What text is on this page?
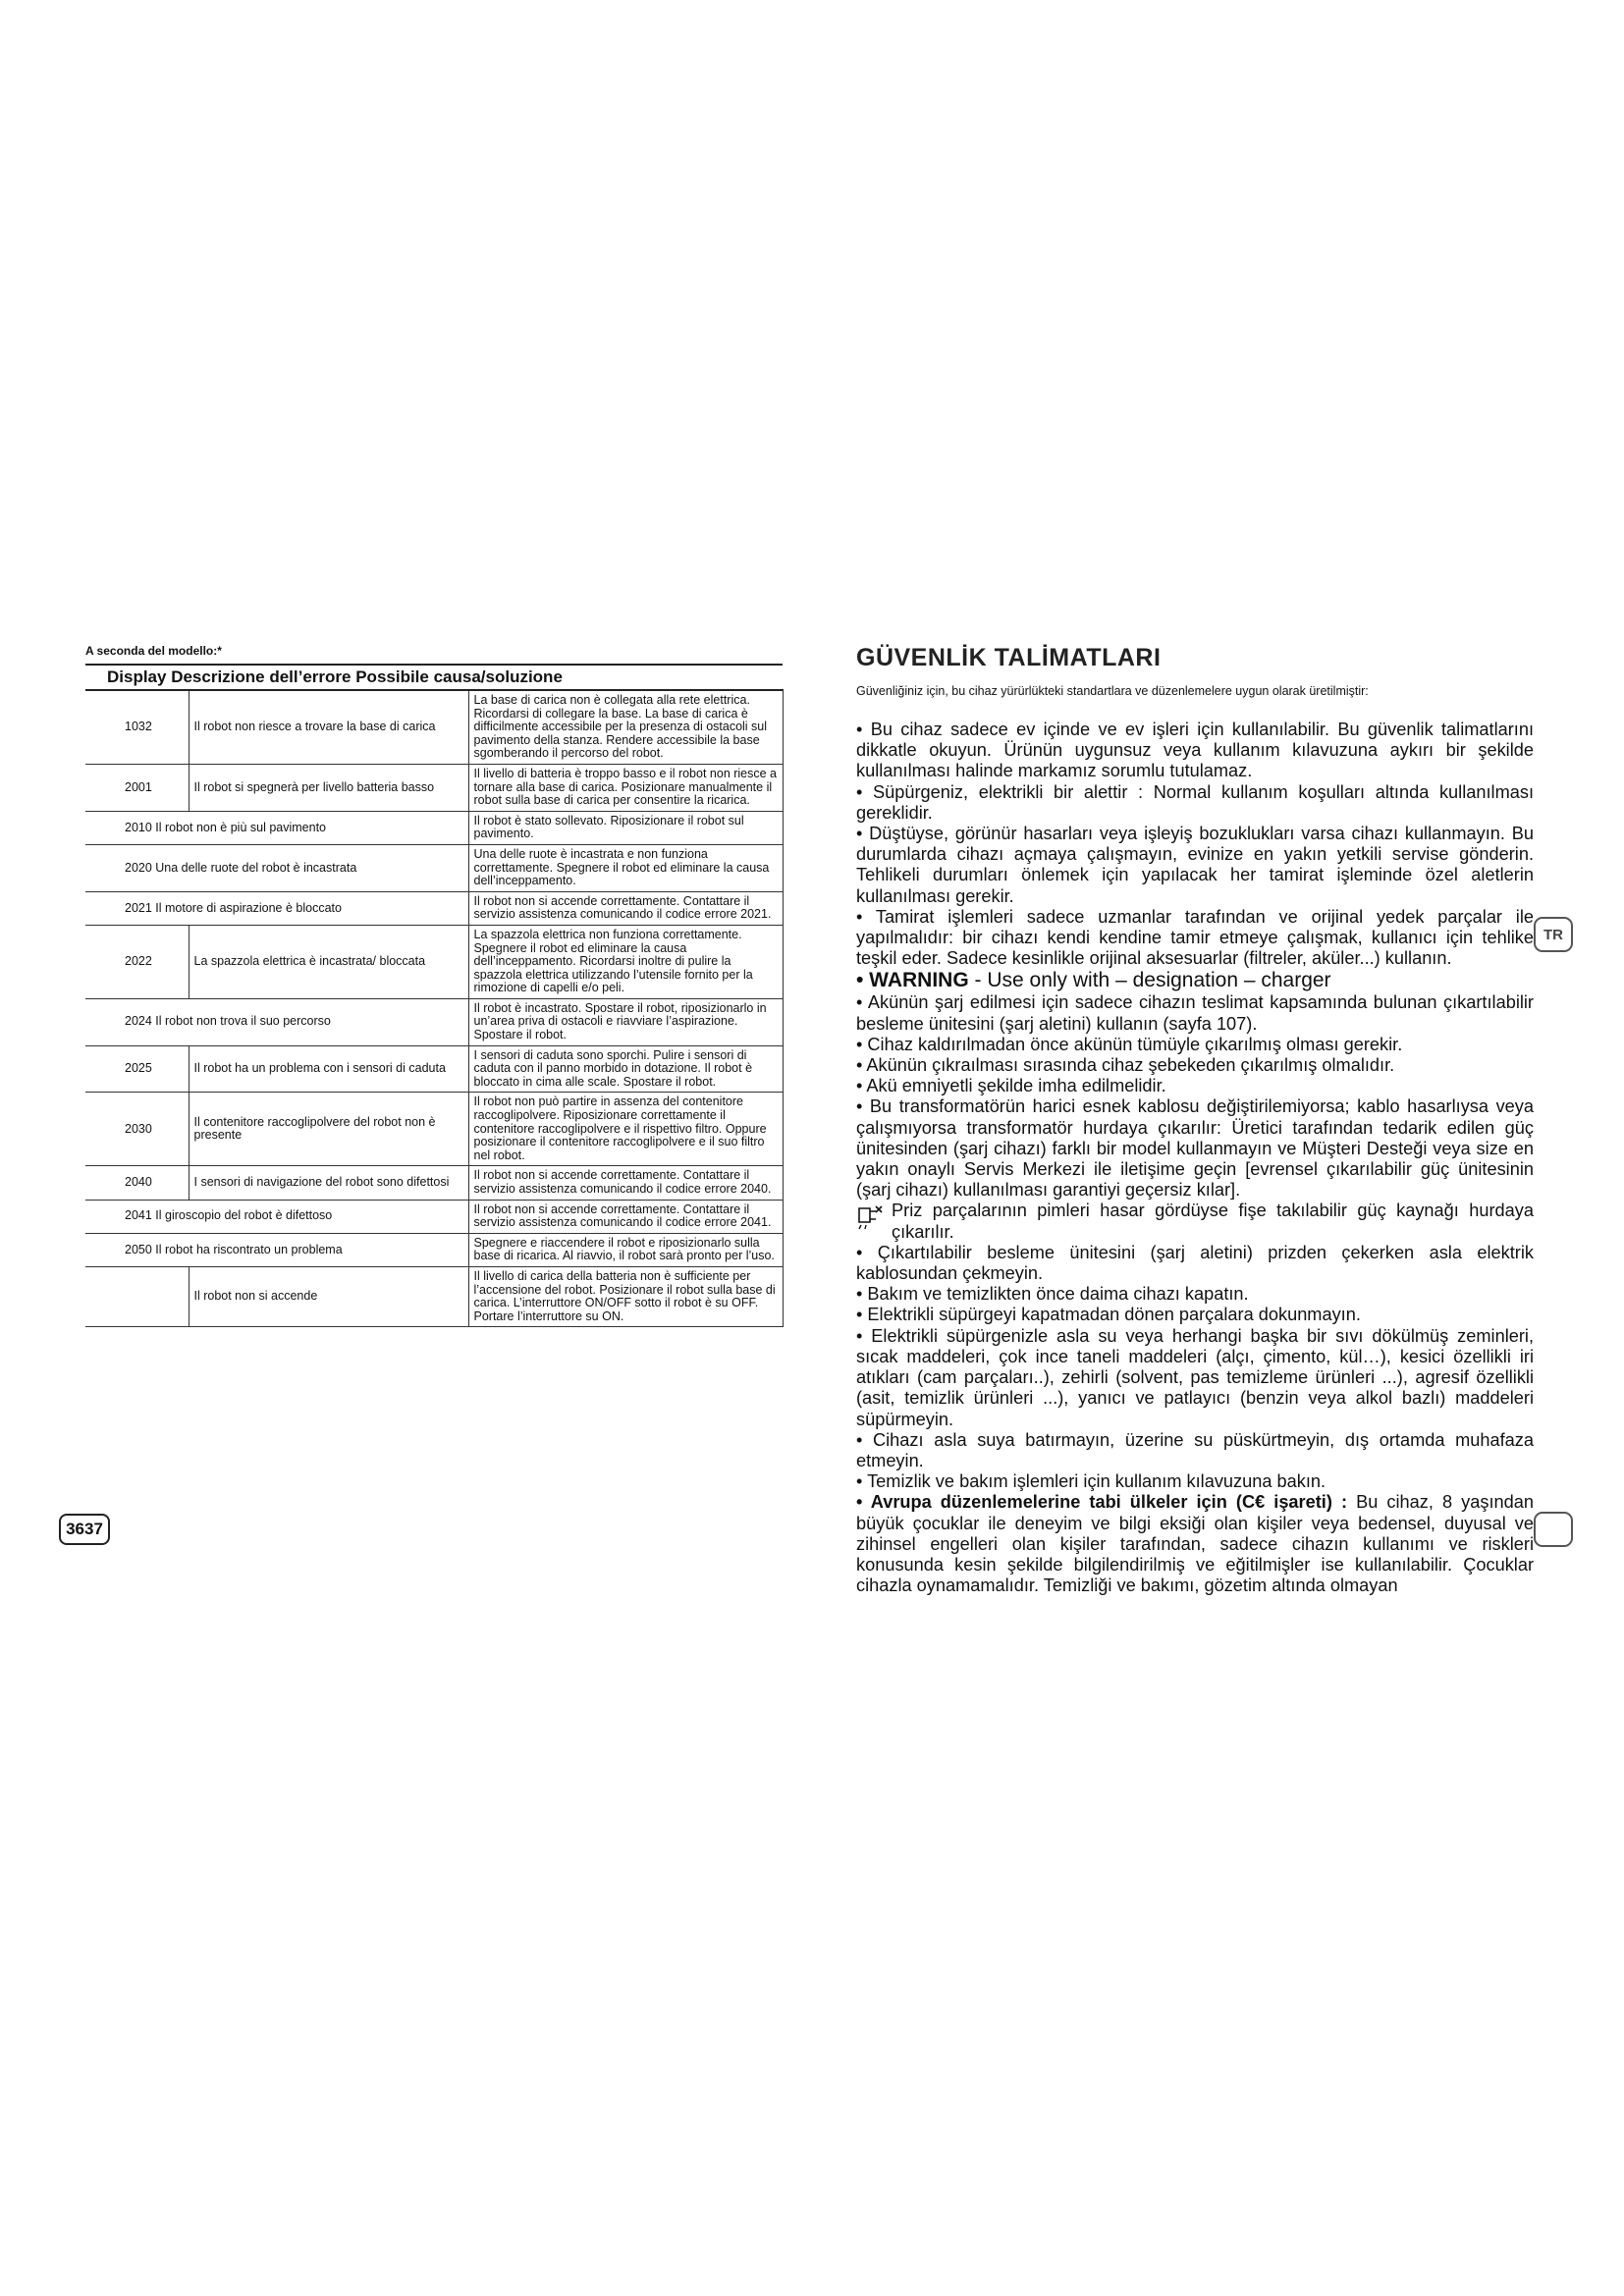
A seconda del modello:*

Display Descrizione dell’errore Possibile causa/soluzione		
1032	Il robot non riesce a trovare la base di carica	La base di carica non è collegata alla rete elettrica. Ricordarsi di collegare la base. La base di carica è difficilmente accessibile per la presenza di ostacoli sul pavimento della stanza. Rendere accessibile la base sgomberando il percorso del robot.
2001	Il robot si spegnerà per livello batteria basso	Il livello di batteria è troppo basso e il robot non riesce a tornare alla base di carica. Posizionare manualmente il robot sulla base di carica per consentire la ricarica.
2010 Il robot non è più sul pavimento		Il robot è stato sollevato. Riposizionare il robot sul pavimento.
2020 Una delle ruote del robot è incastrata		Una delle ruote è incastrata e non funziona correttamente. Spegnere il robot ed eliminare la causa dell’inceppamento.
2021 Il motore di aspirazione è bloccato		Il robot non si accende correttamente. Contattare il servizio assistenza comunicando il codice errore 2021.
2022	La spazzola elettrica è incastrata/ bloccata	La spazzola elettrica non funziona correttamente. Spegnere il robot ed eliminare la causa dell’inceppamento. Ricordarsi inoltre di pulire la spazzola elettrica utilizzando l’utensile fornito per la rimozione di capelli e/o peli.
2024 Il robot non trova il suo percorso		Il robot è incastrato. Spostare il robot, riposizionarlo in un’area priva di ostacoli e riavviare l’aspirazione. Spostare il robot.
2025	Il robot ha un problema con i sensori di caduta	I sensori di caduta sono sporchi. Pulire i sensori di caduta con il panno morbido in dotazione. Il robot è bloccato in cima alle scale. Spostare il robot.
2030	Il contenitore raccoglipolvere del robot non è presente	Il robot non può partire in assenza del contenitore raccoglipolvere. Riposizionare correttamente il contenitore raccoglipolvere e il rispettivo filtro. Oppure posizionare il contenitore raccoglipolvere e il suo filtro nel robot.
2040	I sensori di navigazione del robot sono difettosi	Il robot non si accende correttamente. Contattare il servizio assistenza comunicando il codice errore 2040.
2041 Il giroscopio del robot è difettoso		Il robot non si accende correttamente. Contattare il servizio assistenza comunicando il codice errore 2041.
2050 Il robot ha riscontrato un problema		Spegnere e riaccendere il robot e riposizionarlo sulla base di ricarica. Al riavvio, il robot sarà pronto per l’uso.
	Il robot non si accende	Il livello di carica della batteria non è sufficiente per l’accensione del robot. Posizionare il robot sulla base di carica. L’interruttore ON/OFF sotto il robot è su OFF. Portare l’interruttore su ON.
3637
GÜVENLİK TALİMATLARI

Güvenliğiniz için, bu cihaz yürürlükteki standartlara ve düzenlemelere uygun olarak üretilmiştir:

• Bu cihaz sadece ev içinde ve ev işleri için kullanılabilir. Bu güvenlik talimatlarını dikkatle okuyun. Ürünün uygunsuz veya kullanım kılavuzuna aykırı bir şekilde kullanılması halinde markamız sorumlu tutulamaz.

• Süpürgeniz, elektrikli bir alettir : Normal kullanım koşulları altında kullanılması gereklidir.

• Düştüyse, görünür hasarları veya işleyiş bozuklukları varsa cihazı kullanmayın. Bu durumlarda cihazı açmaya çalışmayın, evinize en yakın yetkili servise gönderin. Tehlikeli durumları önlemek için yapılacak her tamirat işleminde özel aletlerin kullanılması gerekir.

• Tamirat işlemleri sadece uzmanlar tarafından ve orijinal yedek parçalar ile yapılmalıdır: bir cihazı kendi kendine tamir etmeye çalışmak, kullanıcı için tehlike teşkil eder. Sadece kesinlikle orijinal aksesuarlar (filtreler, aküler...) kullanın.

• WARNING - Use only with – designation – charger

• Akünün şarj edilmesi için sadece cihazın teslimat kapsamında bulunan çıkartılabilir besleme ünitesini (şarj aletini) kullanın (sayfa 107).

• Cihaz kaldırılmadan önce akünün tümüyle çıkarılmış olması gerekir.

• Akünün çıkraılması sırasında cihaz şebekeden çıkarılmış olmalıdır.

• Akü emniyetli şekilde imha edilmelidir.

• Bu transformatörün harici esnek kablosu değiştirilemiyorsa; kablo hasarlıysa veya çalışmıyorsa transformatör hurdaya çıkarılır: Üretici tarafından tedarik edilen güç ünitesinden (şarj cihazı) farklı bir model kullanmayın ve Müşteri Desteği veya size en yakın onaylı Servis Merkezi ile iletişime geçin [evrensel çıkarılabilir güç ünitesinin (şarj cihazı) kullanılması garantiyi geçersiz kılar].

Priz parçalarının pimleri hasar gördüyse fişe takılabilir güç kaynağı hurdaya çıkarılır.

• Çıkartılabilir besleme ünitesini (şarj aletini) prizden çekerken asla elektrik kablosundan çekmeyin.

• Bakım ve temizlikten önce daima cihazı kapatın.

• Elektrikli süpürgeyi kapatmadan dönen parçalara dokunmayın.

• Elektrikli süpürgenizle asla su veya herhangi başka bir sıvı dökülmüş zeminleri, sıcak maddeleri, çok ince taneli maddeleri (alçı, çimento, kül…), kesici özellikli iri atıkları (cam parçaları..), zehirli (solvent, pas temizleme ürünleri ...), agresif özellikli (asit, temizlik ürünleri ...), yanıcı ve patlayıcı (benzin veya alkol bazlı) maddeleri süpürmeyin.

• Cihazı asla suya batırmayın, üzerine su püskürtmeyin, dış ortamda muhafaza etmeyin.

• Temizlik ve bakım işlemleri için kullanım kılavuzuna bakın.

• Avrupa düzenlemelerine tabi ülkeler için (C€ işareti) : Bu cihaz, 8 yaşından büyük çocuklar ile deneyim ve bilgi eksiği olan kişiler veya bedensel, duyusal ve zihinsel engelleri olan kişiler tarafından, sadece cihazın kullanımı ve riskleri konusunda kesin şekilde bilgilendirilmiş ve eğitilmişler ise kullanılabilir. Çocuklar cihazla oynamamalıdır. Temizliği ve bakımı, gözetim altında olmayan

TR
